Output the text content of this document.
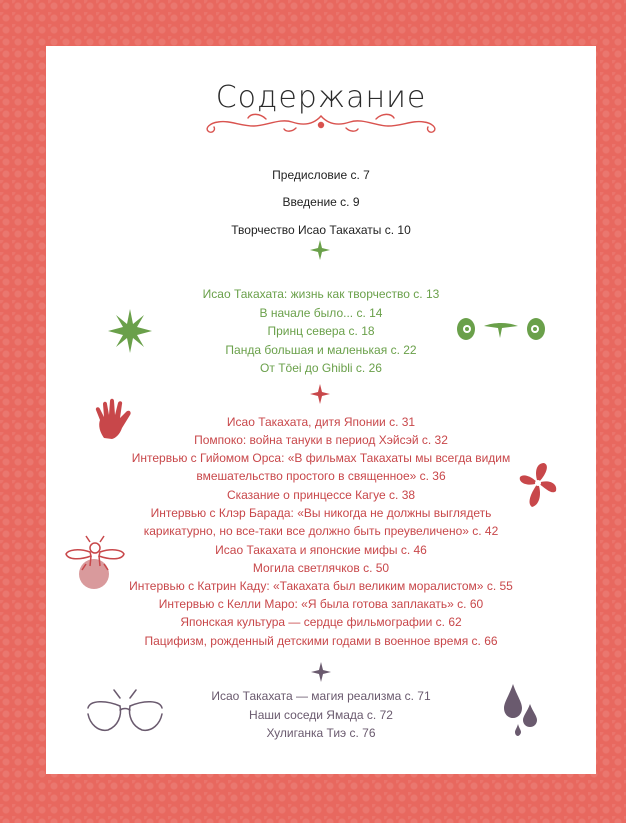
Содержание
Предисловие с. 7
Введение с. 9
Творчество Исао Такахаты с. 10
Исао Такахата: жизнь как творчество с. 13
В начале было... с. 14
Принц севера с. 18
Панда большая и маленькая с. 22
От Tōei до Ghibli с. 26
Исао Такахата, дитя Японии с. 31
Помпоко: война тануки в период Хэйсэй с. 32
Интервью с Гийомом Орса: «В фильмах Такахаты мы всегда видим
вмешательство простого в священное» с. 36
Сказание о принцессе Кагуе с. 38
Интервью с Клэр Барада: «Вы никогда не должны выглядеть
карикатурно, но все-таки все должно быть преувеличено» с. 42
Исао Такахата и японские мифы с. 46
Могила светлячков с. 50
Интервью с Катрин Каду: «Такахата был великим моралистом» с. 55
Интервью с Келли Маро: «Я была готова заплакать» с. 60
Японская культура — сердце фильмографии с. 62
Пацифизм, рожденный детскими годами в военное время с. 66
Исао Такахата — магия реализма с. 71
Наши соседи Ямада с. 72
Хулиганка Тиэ с. 76
